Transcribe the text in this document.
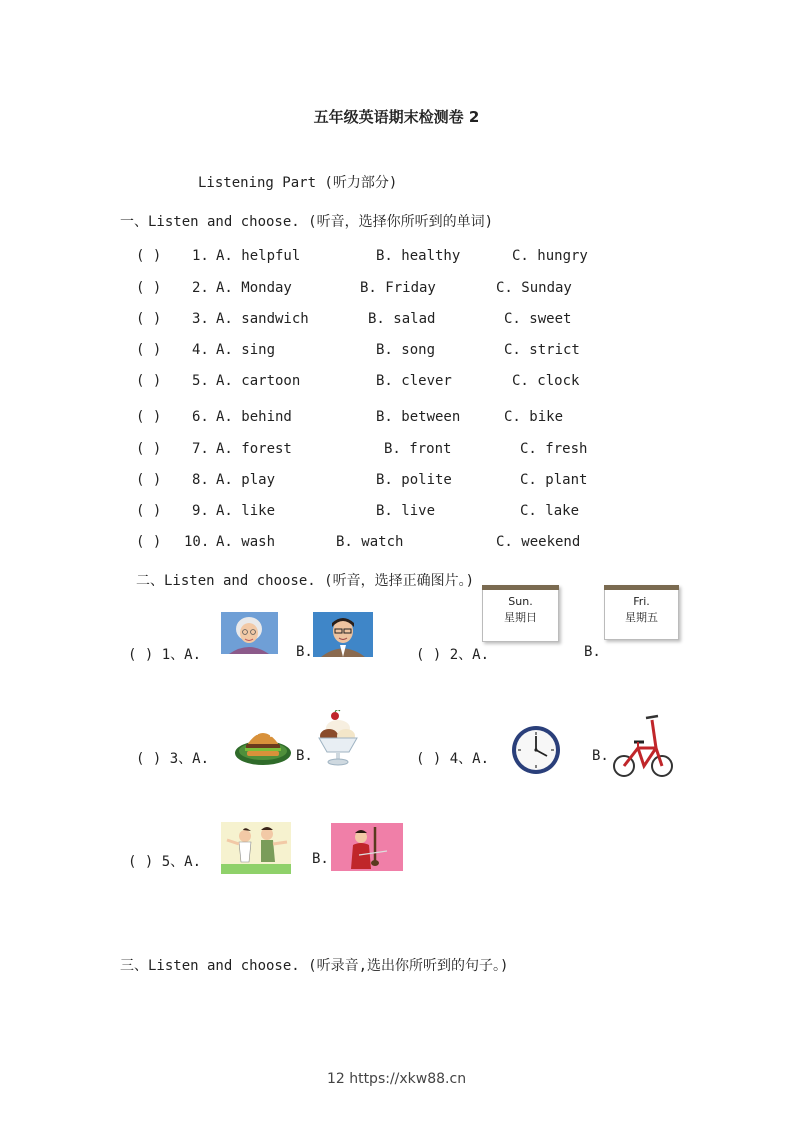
五年级英语期末检测卷 2
Listening Part (听力部分)
一、Listen and choose. (听音，选择你所听到的单词)
( ) 1. A. helpful	B. healthy	C. hungry
( ) 2. A. Monday	B. Friday	C. Sunday
( ) 3. A. sandwich	B. salad	C. sweet
( ) 4. A. sing	B. song	C. strict
( ) 5. A. cartoon	B. clever	C. clock
( ) 6. A. behind	B. between	C. bike
( ) 7. A. forest	B. front	C. fresh
( ) 8. A. play	B. polite	C. plant
( ) 9. A. like	B. live	C. lake
( ) 10. A. wash	B. watch	C. weekend
二、Listen and choose. (听音，选择正确图片。)
( ) 1、A.	B.	( ) 2、A.
Sun.
星期日
B.
Fri.
星期五
( ) 3、A.	B.	( ) 4、A.	B.
( ) 5、A.	B.
三、Listen and choose. (听录音,选出你所听到的句子。)
12 https://xkw88.cn
